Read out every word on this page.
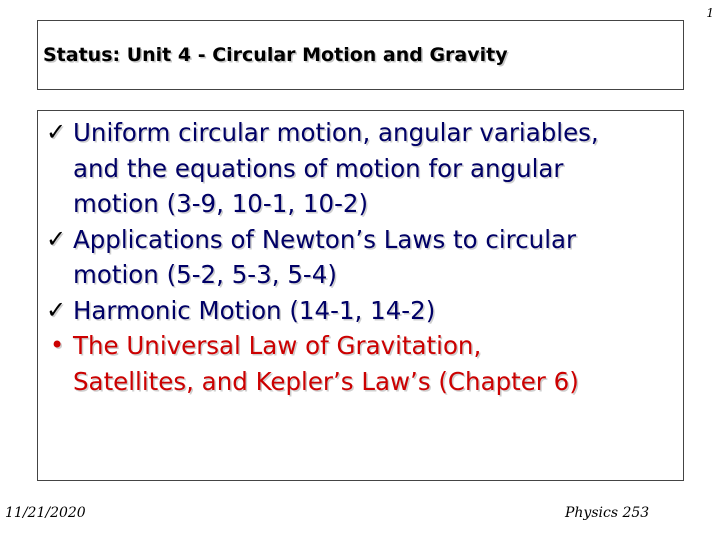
1
Status: Unit 4 - Circular Motion and Gravity
✓ Uniform circular motion, angular variables,
and the equations of motion for angular
motion (3-9, 10-1, 10-2)
✓ Applications of Newton’s Laws to circular
motion (5-2, 5-3, 5-4)
✓ Harmonic Motion (14-1, 14-2)
• The Universal Law of Gravitation,
Satellites, and Kepler’s Law’s (Chapter 6)
11/21/2020	Physics 253
